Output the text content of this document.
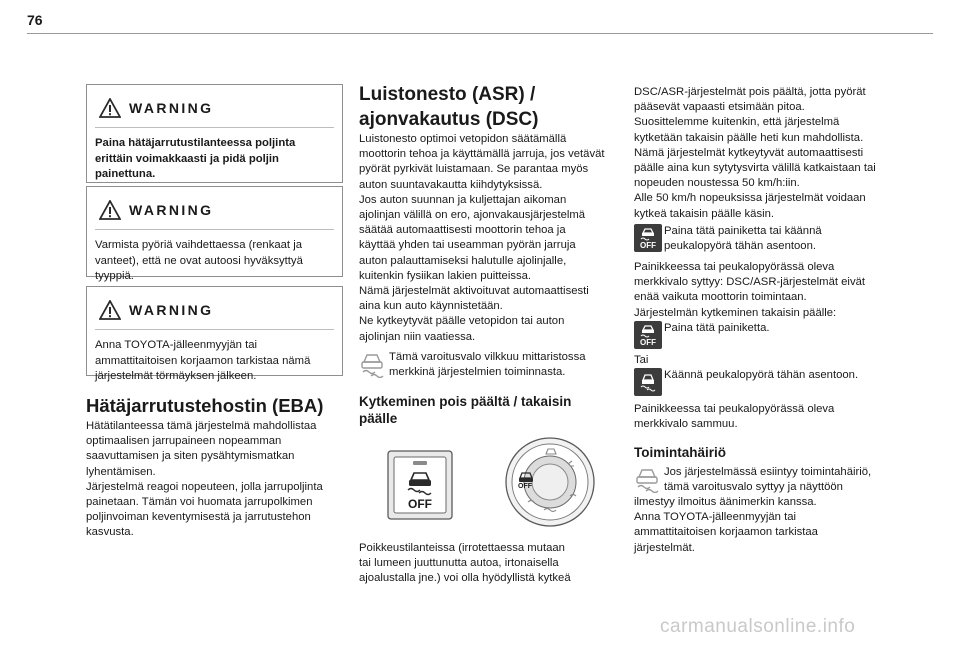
76
WARNING
Paina hätäjarrutustilanteessa poljinta
erittäin voimakkaasti ja pidä poljin
painettuna.
WARNING
Varmista pyöriä vaihdettaessa (renkaat ja
vanteet), että ne ovat autoosi hyväksyttyä
tyyppiä.
WARNING
Anna TOYOTA-jälleenmyyjän tai
ammattitaitoisen korjaamon tarkistaa nämä
järjestelmät törmäyksen jälkeen.
Hätäjarrutustehostin (EBA)
Hätätilanteessa tämä järjestelmä mahdollistaa
optimaalisen jarrupaineen nopeamman
saavuttamisen ja siten pysähtymismatkan
lyhentämisen.
Järjestelmä reagoi nopeuteen, jolla jarrupoljinta
painetaan. Tämän voi huomata jarrupolkimen
poljinvoiman keventymisestä ja jarrutustehon
kasvusta.
Luistonesto (ASR) /
ajonvakautus (DSC)
Luistonesto optimoi vetopidon säätämällä
moottorin tehoa ja käyttämällä jarruja, jos vetävät
pyörät pyrkivät luistamaan. Se parantaa myös
auton suuntavakautta kiihdytyksissä.
Jos auton suunnan ja kuljettajan aikoman
ajolinjan välillä on ero, ajonvakausjärjestelmä
säätää automaattisesti moottorin tehoa ja
käyttää yhden tai useamman pyörän jarruja
auton palauttamiseksi halutulle ajolinjalle,
kuitenkin fysiikan lakien puitteissa.
Nämä järjestelmät aktivoituvat automaattisesti
aina kun auto käynnistetään.
Ne kytkeytyvät päälle vetopidon tai auton
ajolinjan niin vaatiessa.
Tämä varoitusvalo vilkkuu mittaristossa
merkkinä järjestelmien toiminnasta.
Kytkeminen pois päältä / takaisin
päälle
OFF
OFF
Poikkeustilanteissa (irrotettaessa mutaan
tai lumeen juuttunutta autoa, irtonaisella
ajoalustalla jne.) voi olla hyödyllistä kytkeä
DSC/ASR-järjestelmät pois päältä, jotta pyörät
pääsevät vapaasti etsimään pitoa.
Suosittelemme kuitenkin, että järjestelmä
kytketään takaisin päälle heti kun mahdollista.
Nämä järjestelmät kytkeytyvät automaattisesti
päälle aina kun sytytysvirta välillä katkaistaan tai
nopeuden noustessa 50 km/h:iin.
Alle 50 km/h nopeuksissa järjestelmät voidaan
kytkeä takaisin päälle käsin.
OFF
Paina tätä painiketta tai käännä
peukalopyörä tähän asentoon.
Painikkeessa tai peukalopyörässä oleva
merkkivalo syttyy: DSC/ASR-järjestelmät eivät
enää vaikuta moottorin toimintaan.
Järjestelmän kytkeminen takaisin päälle:
OFF
Paina tätä painiketta.
Tai
Käännä peukalopyörä tähän asentoon.
Painikkeessa tai peukalopyörässä oleva
merkkivalo sammuu.
Toimintahäiriö
Jos järjestelmässä esiintyy toimintahäiriö,
tämä varoitusvalo syttyy ja näyttöön
ilmestyy ilmoitus äänimerkin kanssa.
Anna TOYOTA-jälleenmyyjän tai
ammattitaitoisen korjaamon tarkistaa
järjestelmät.
carmanualsonline.info
